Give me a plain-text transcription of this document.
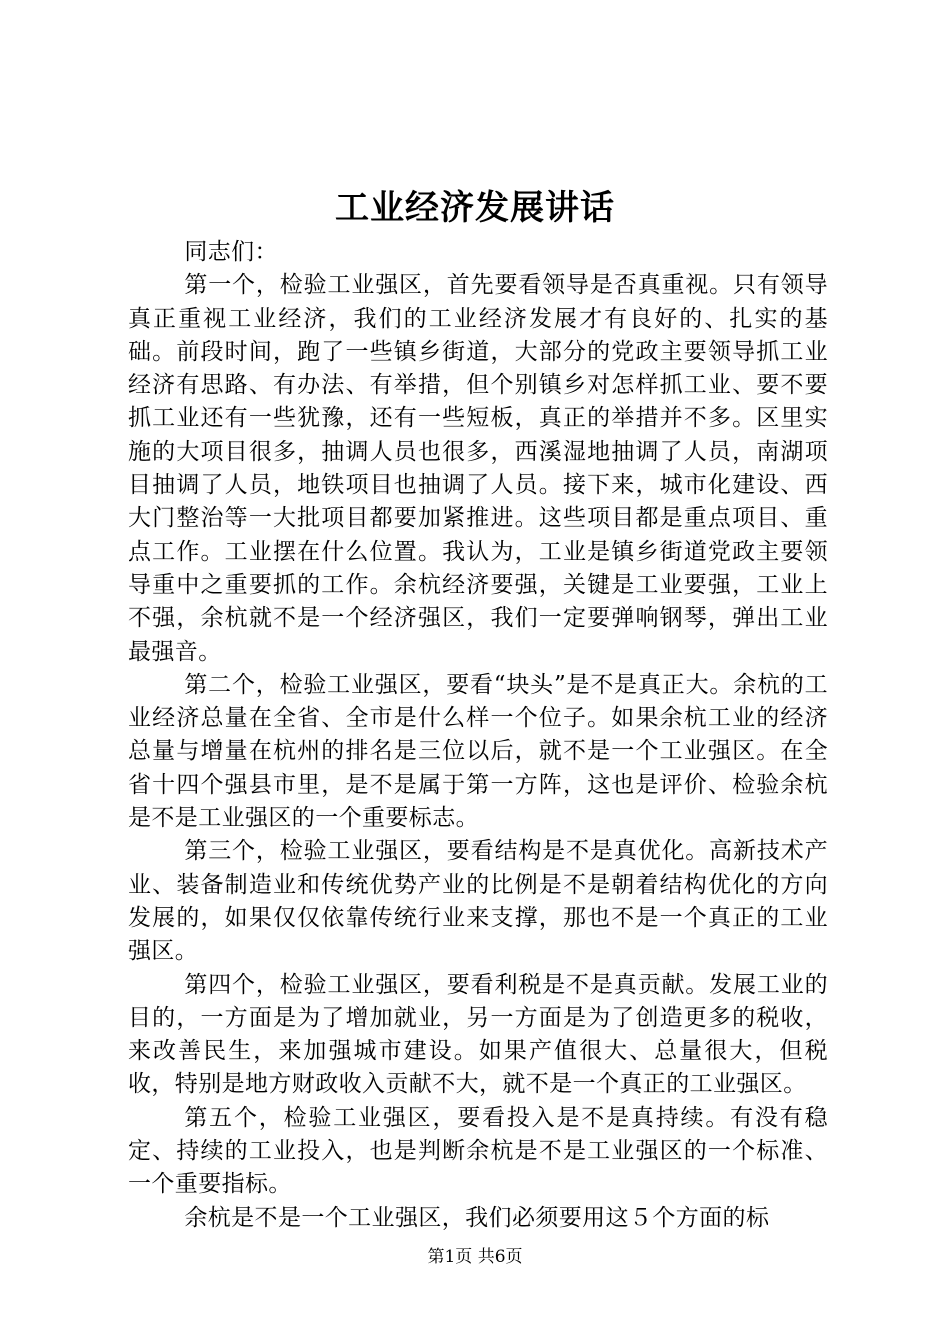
工业经济发展讲话

同志们：

第一个，检验工业强区，首先要看领导是否真重视。只有领导真正重视工业经济，我们的工业经济发展才有良好的、扎实的基础。前段时间，跑了一些镇乡街道，大部分的党政主要领导抓工业经济有思路、有办法、有举措，但个别镇乡对怎样抓工业、要不要抓工业还有一些犹豫，还有一些短板，真正的举措并不多。区里实施的大项目很多，抽调人员也很多，西溪湿地抽调了人员，南湖项目抽调了人员，地铁项目也抽调了人员。接下来，城市化建设、西大门整治等一大批项目都要加紧推进。这些项目都是重点项目、重点工作。工业摆在什么位置。我认为，工业是镇乡街道党政主要领导重中之重要抓的工作。余杭经济要强，关键是工业要强，工业上不强，余杭就不是一个经济强区，我们一定要弹响钢琴，弹出工业最强音。

第二个，检验工业强区，要看“块头”是不是真正大。余杭的工业经济总量在全省、全市是什么样一个位子。如果余杭工业的经济总量与增量在杭州的排名是三位以后，就不是一个工业强区。在全省十四个强县市里，是不是属于第一方阵，这也是评价、检验余杭是不是工业强区的一个重要标志。

第三个，检验工业强区，要看结构是不是真优化。高新技术产业、装备制造业和传统优势产业的比例是不是朝着结构优化的方向发展的，如果仅仅依靠传统行业来支撑，那也不是一个真正的工业强区。

第四个，检验工业强区，要看利税是不是真贡献。发展工业的目的，一方面是为了增加就业，另一方面是为了创造更多的税收，来改善民生，来加强城市建设。如果产值很大、总量很大，但税收，特别是地方财政收入贡献不大，就不是一个真正的工业强区。

第五个，检验工业强区，要看投入是不是真持续。有没有稳定、持续的工业投入，也是判断余杭是不是工业强区的一个标准、一个重要指标。

余杭是不是一个工业强区，我们必须要用这５个方面的标

第1页 共6页
